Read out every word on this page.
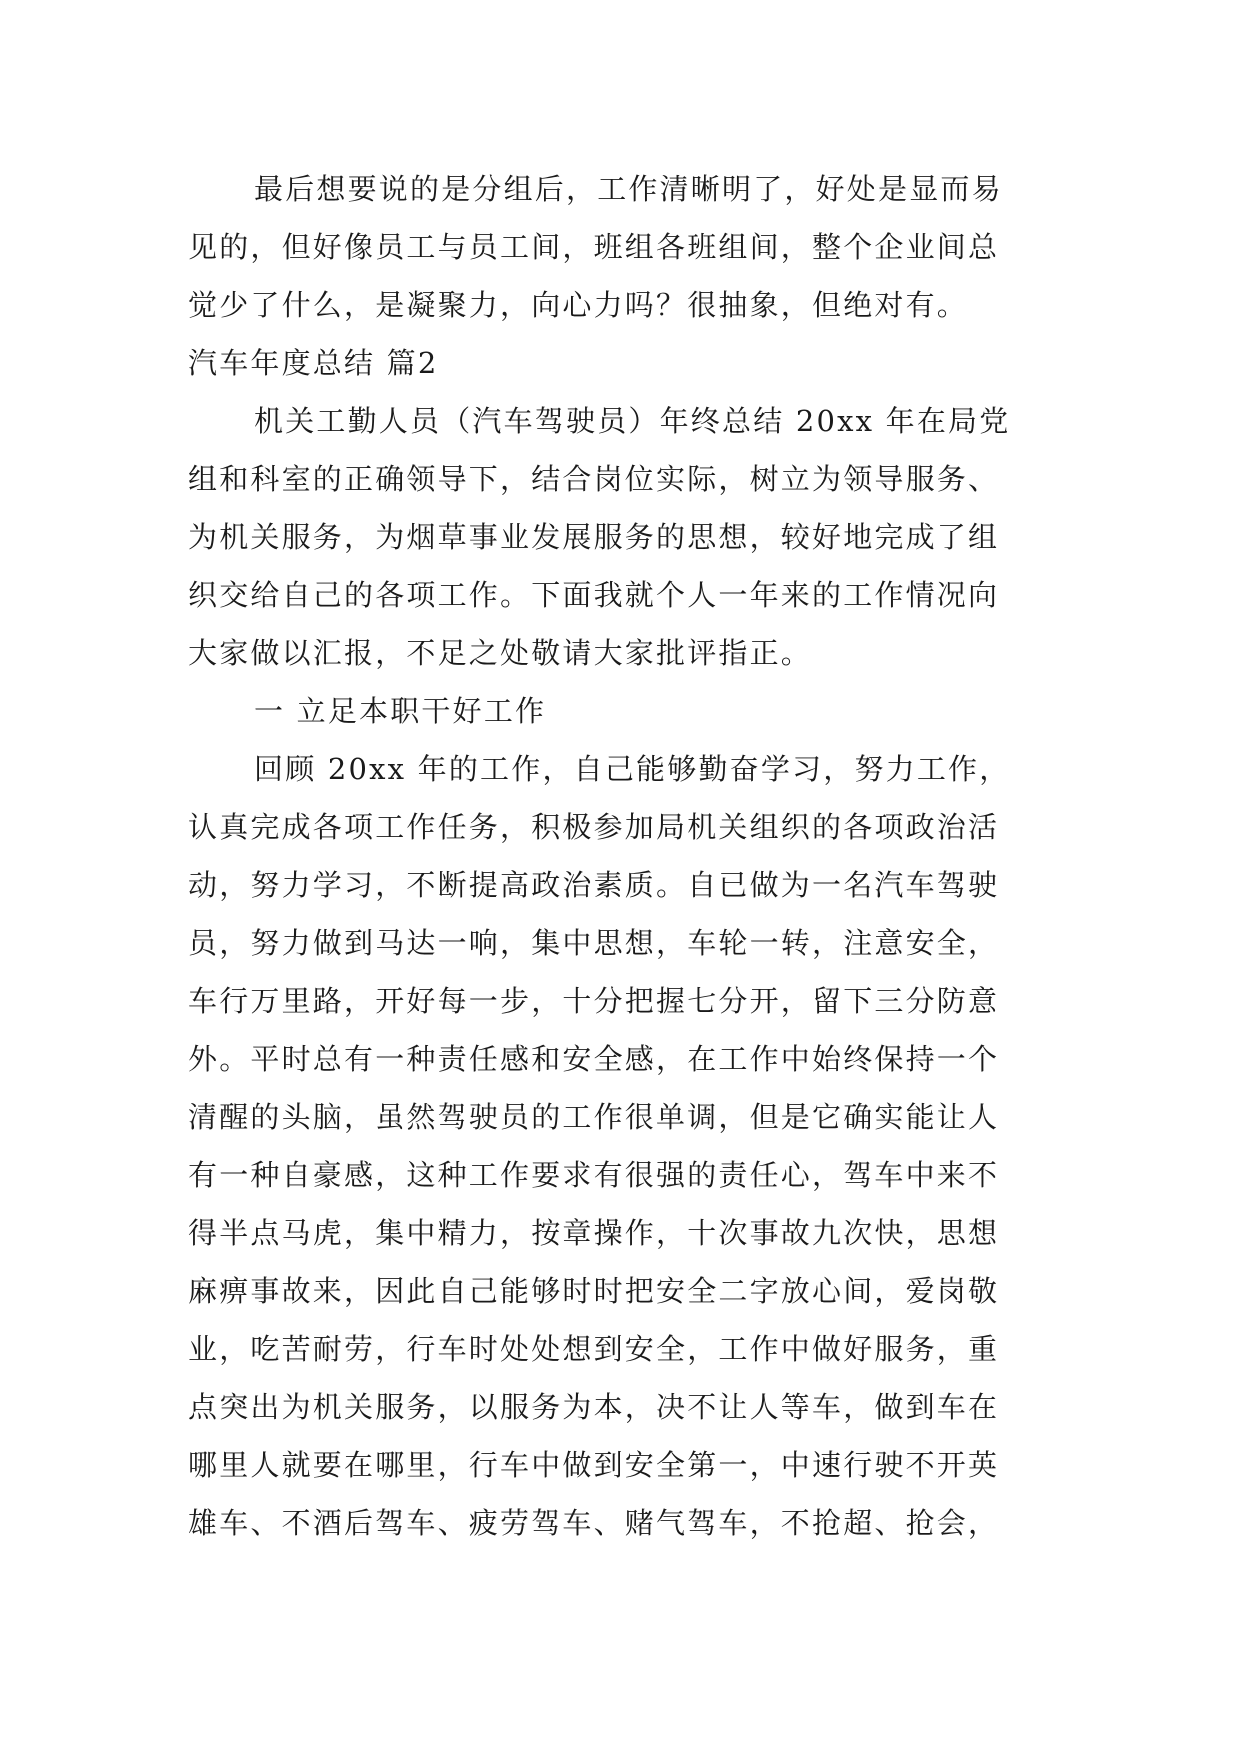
最后想要说的是分组后，工作清晰明了，好处是显而易
见的，但好像员工与员工间，班组各班组间，整个企业间总
觉少了什么，是凝聚力，向心力吗？很抽象，但绝对有。
汽车年度总结 篇2
机关工勤人员（汽车驾驶员）年终总结 20xx 年在局党
组和科室的正确领导下，结合岗位实际，树立为领导服务、
为机关服务，为烟草事业发展服务的思想，较好地完成了组
织交给自己的各项工作。下面我就个人一年来的工作情况向
大家做以汇报，不足之处敬请大家批评指正。
一 立足本职干好工作
回顾 20xx 年的工作，自己能够勤奋学习，努力工作，
认真完成各项工作任务，积极参加局机关组织的各项政治活
动，努力学习，不断提高政治素质。自已做为一名汽车驾驶
员，努力做到马达一响，集中思想，车轮一转，注意安全，
车行万里路，开好每一步，十分把握七分开，留下三分防意
外。平时总有一种责任感和安全感，在工作中始终保持一个
清醒的头脑，虽然驾驶员的工作很单调，但是它确实能让人
有一种自豪感，这种工作要求有很强的责任心，驾车中来不
得半点马虎，集中精力，按章操作，十次事故九次快，思想
麻痹事故来，因此自己能够时时把安全二字放心间，爱岗敬
业，吃苦耐劳，行车时处处想到安全，工作中做好服务，重
点突出为机关服务，以服务为本，决不让人等车，做到车在
哪里人就要在哪里，行车中做到安全第一，中速行驶不开英
雄车、不酒后驾车、疲劳驾车、赌气驾车，不抢超、抢会，
